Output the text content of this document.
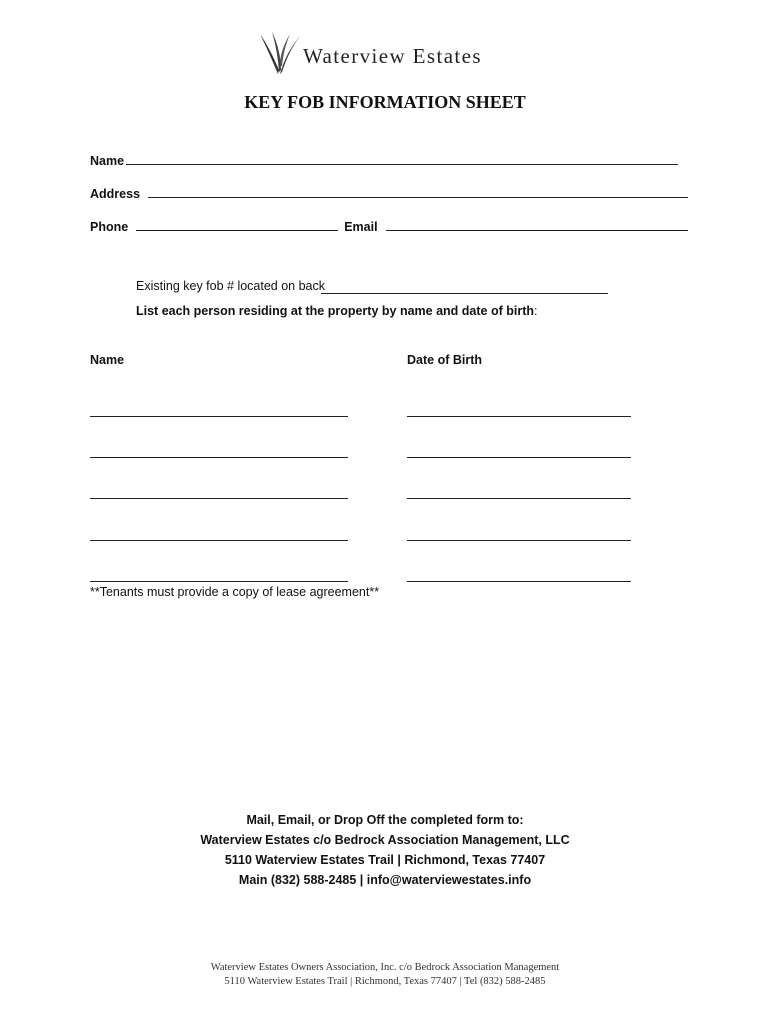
Waterview Estates
KEY FOB INFORMATION SHEET
Name
Address
Phone	Email
Existing key fob # located on back
List each person residing at the property by name and date of birth:
Name	Date of Birth
**Tenants must provide a copy of lease agreement**
Mail, Email, or Drop Off the completed form to:
Waterview Estates c/o Bedrock Association Management, LLC
5110 Waterview Estates Trail | Richmond, Texas 77407
Main (832) 588-2485 | info@waterviewestates.info
Waterview Estates Owners Association, Inc. c/o Bedrock Association Management
5110 Waterview Estates Trail | Richmond, Texas 77407 | Tel (832) 588-2485
